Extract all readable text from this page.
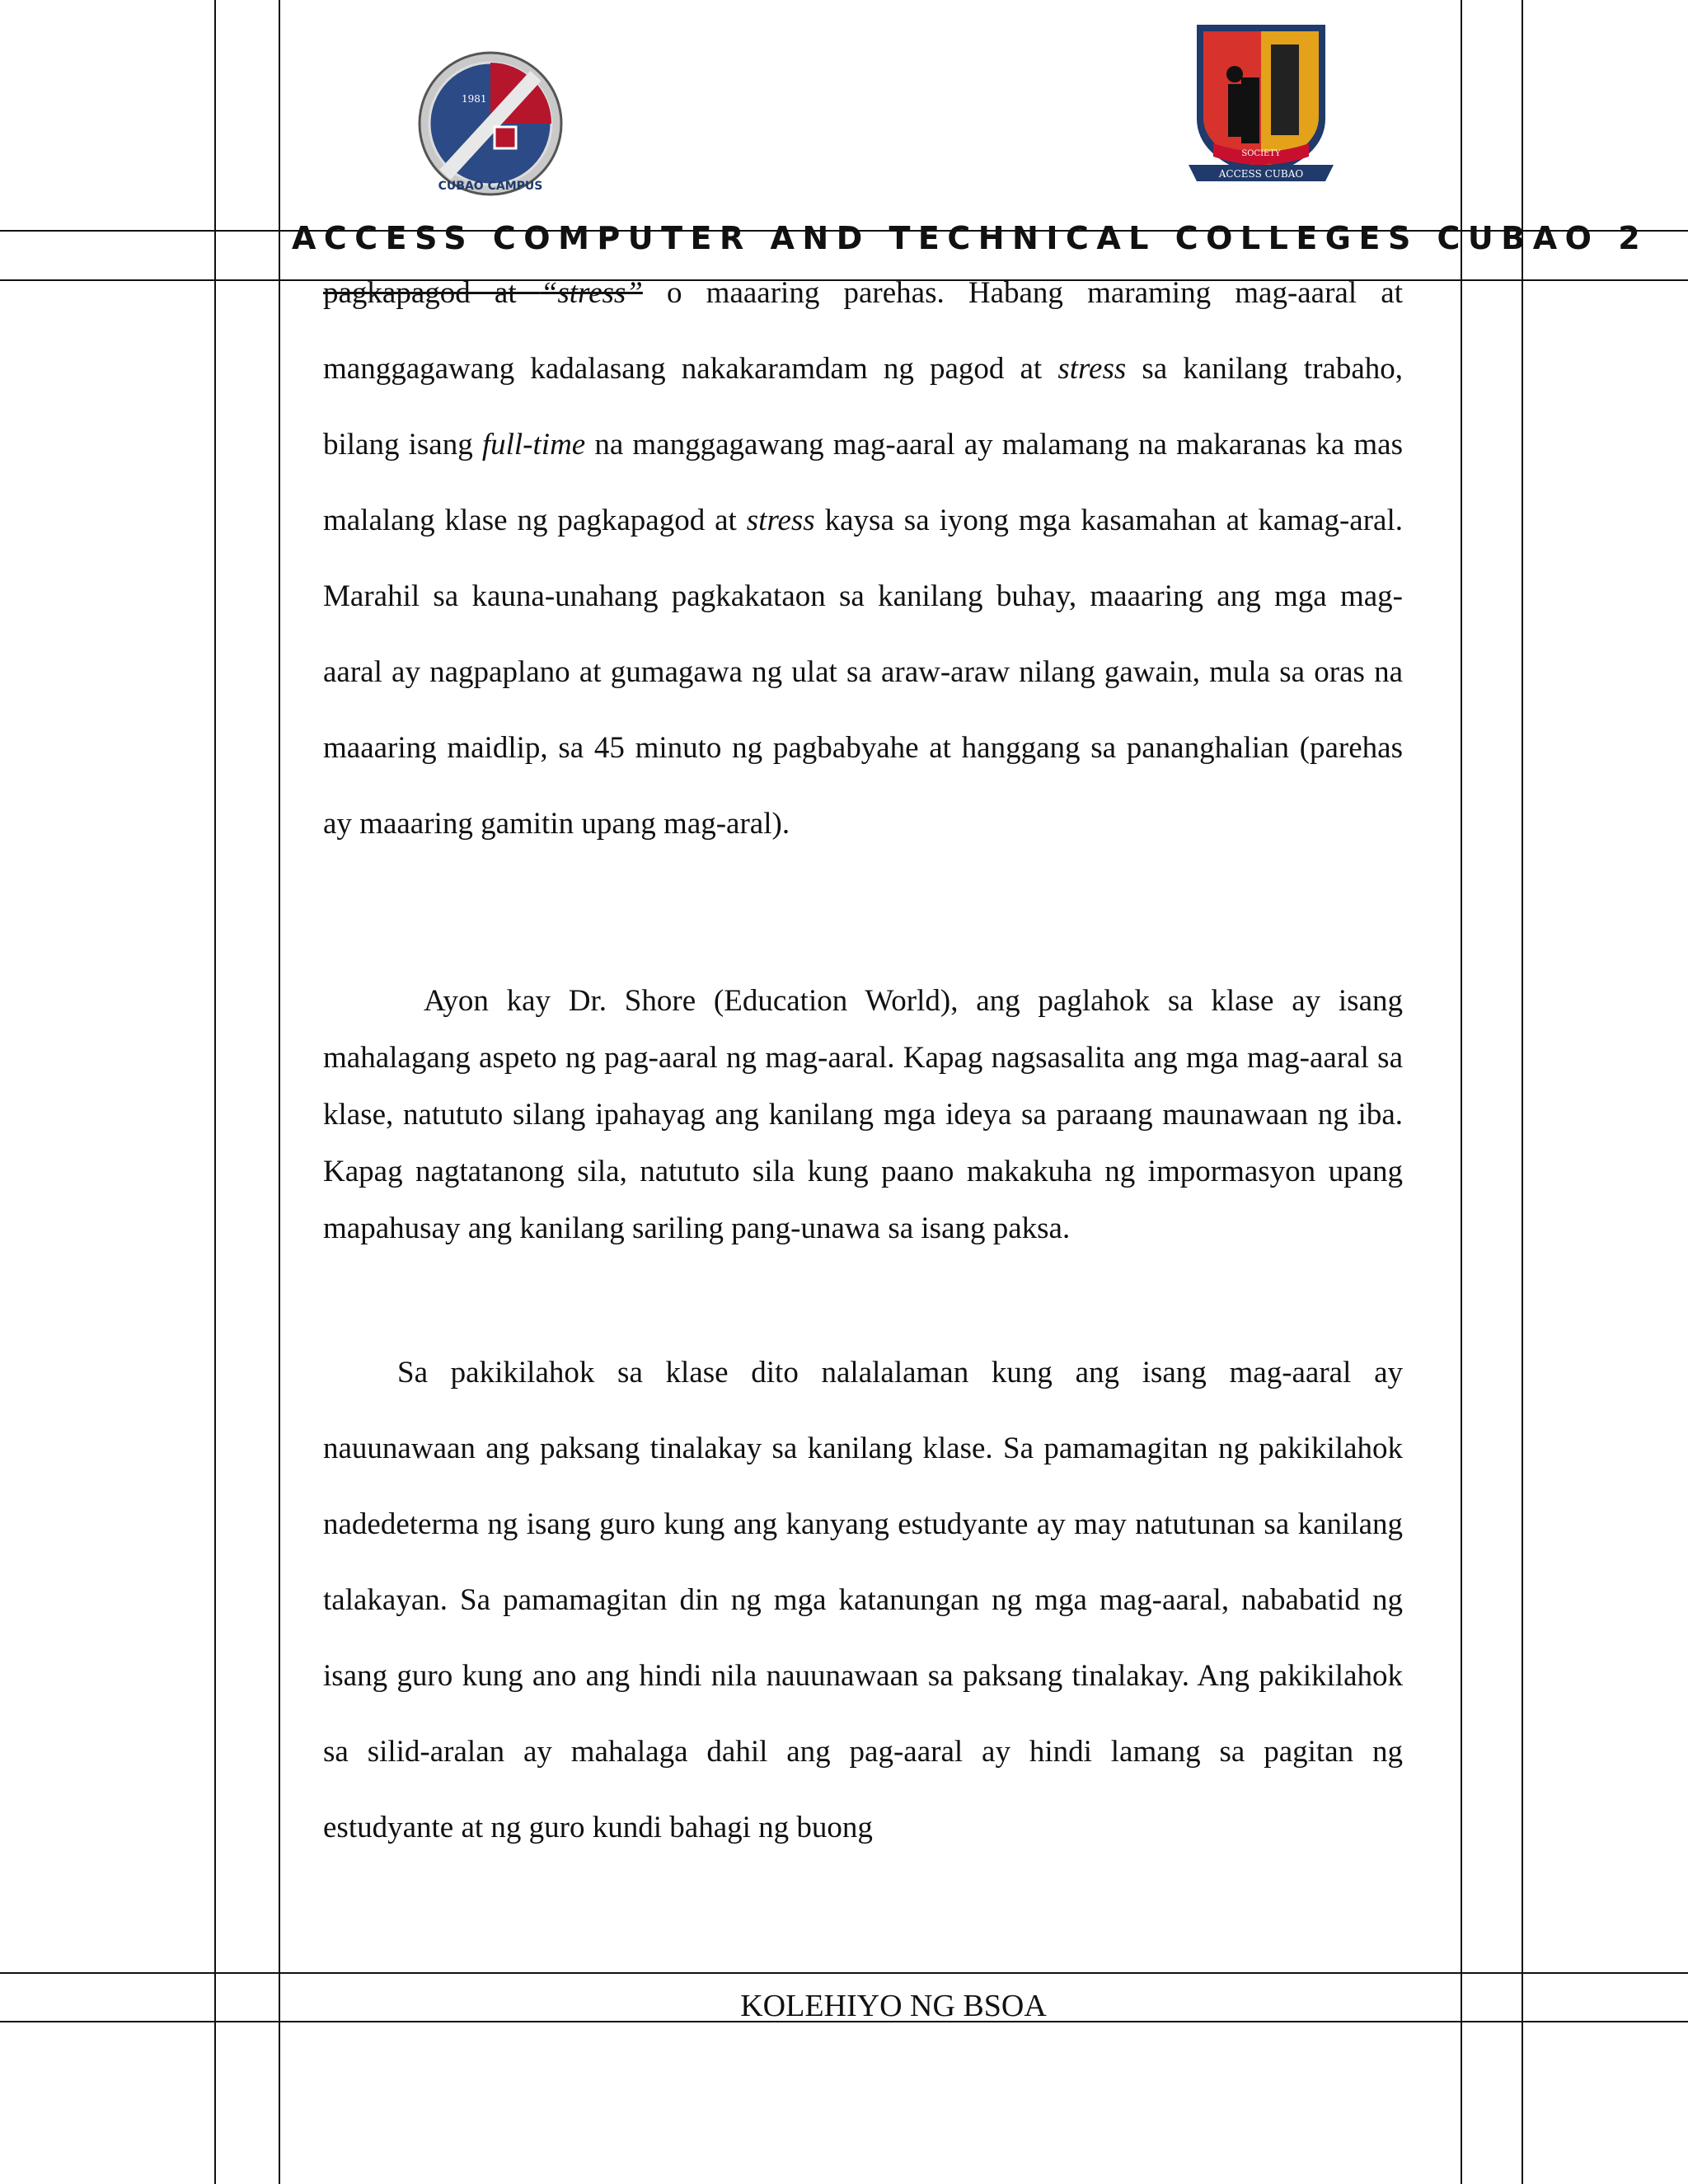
1981
CUBAO CAMPUS
ACCESS CUBAO
SOCIETY
ACCESS COMPUTER AND TECHNICAL COLLEGES CUBAO 2
pagkapagod at “stress” o maaaring parehas. Habang maraming mag-aaral at manggagawang kadalasang nakakaramdam ng pagod at stress sa kanilang trabaho, bilang isang full-time na manggagawang mag-aaral ay malamang na makaranas ka mas malalang klase ng pagkapagod at stress kaysa sa iyong mga kasamahan at kamag-aral. Marahil sa kauna-unahang pagkakataon sa kanilang buhay, maaaring ang mga mag-aaral ay nagpaplano at gumagawa ng ulat sa araw-araw nilang gawain, mula sa oras na maaaring maidlip, sa 45 minuto ng pagbabyahe at hanggang sa pananghalian (parehas ay maaaring gamitin upang mag-aral).
Ayon kay Dr. Shore (Education World), ang paglahok sa klase ay isang mahalagang aspeto ng pag-aaral ng mag-aaral. Kapag nagsasalita ang mga mag-aaral sa klase, natututo silang ipahayag ang kanilang mga ideya sa paraang maunawaan ng iba. Kapag nagtatanong sila, natututo sila kung paano makakuha ng impormasyon upang mapahusay ang kanilang sariling pang-unawa sa isang paksa.
Sa pakikilahok sa klase dito nalalalaman kung ang isang mag-aaral ay nauunawaan ang paksang tinalakay sa kanilang klase. Sa pamamagitan ng pakikilahok nadedeterma ng isang guro kung ang kanyang estudyante ay may natutunan sa kanilang talakayan. Sa pamamagitan din ng mga katanungan ng mga mag-aaral, nababatid ng isang guro kung ano ang hindi nila nauunawaan sa paksang tinalakay. Ang pakikilahok sa silid-aralan ay mahalaga dahil ang pag-aaral ay hindi lamang sa pagitan ng estudyante at ng guro kundi bahagi ng buong
KOLEHIYO NG BSOA
